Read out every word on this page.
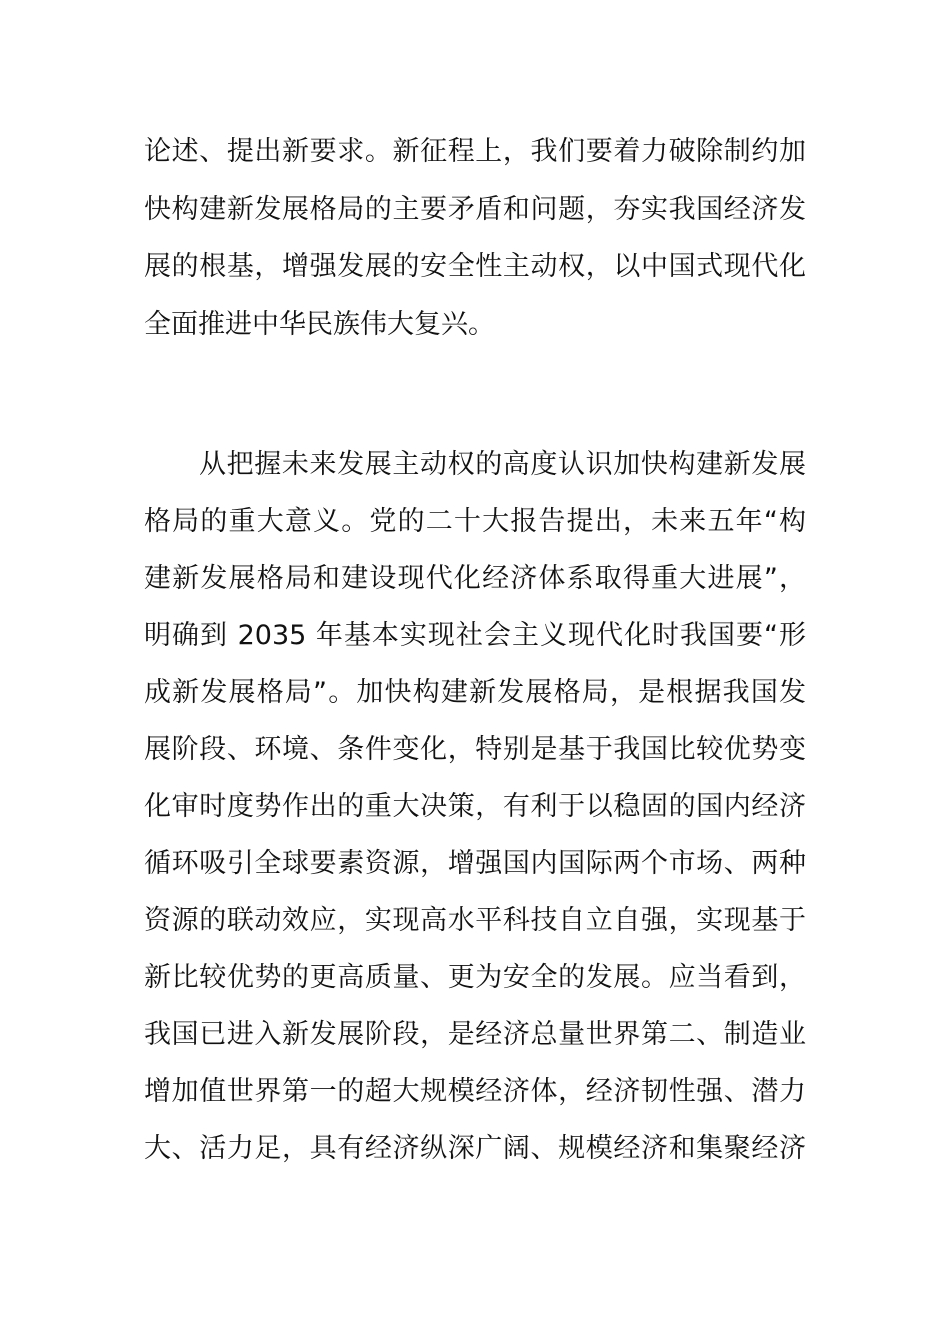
论述、提出新要求。新征程上，我们要着力破除制约加
快构建新发展格局的主要矛盾和问题，夯实我国经济发
展的根基，增强发展的安全性主动权，以中国式现代化
全面推进中华民族伟大复兴。
从把握未来发展主动权的高度认识加快构建新发展
格局的重大意义。党的二十大报告提出，未来五年“构
建新发展格局和建设现代化经济体系取得重大进展”，
明确到 2035 年基本实现社会主义现代化时我国要“形
成新发展格局”。加快构建新发展格局，是根据我国发
展阶段、环境、条件变化，特别是基于我国比较优势变
化审时度势作出的重大决策，有利于以稳固的国内经济
循环吸引全球要素资源，增强国内国际两个市场、两种
资源的联动效应，实现高水平科技自立自强，实现基于
新比较优势的更高质量、更为安全的发展。应当看到，
我国已进入新发展阶段，是经济总量世界第二、制造业
增加值世界第一的超大规模经济体，经济韧性强、潜力
大、活力足，具有经济纵深广阔、规模经济和集聚经济
